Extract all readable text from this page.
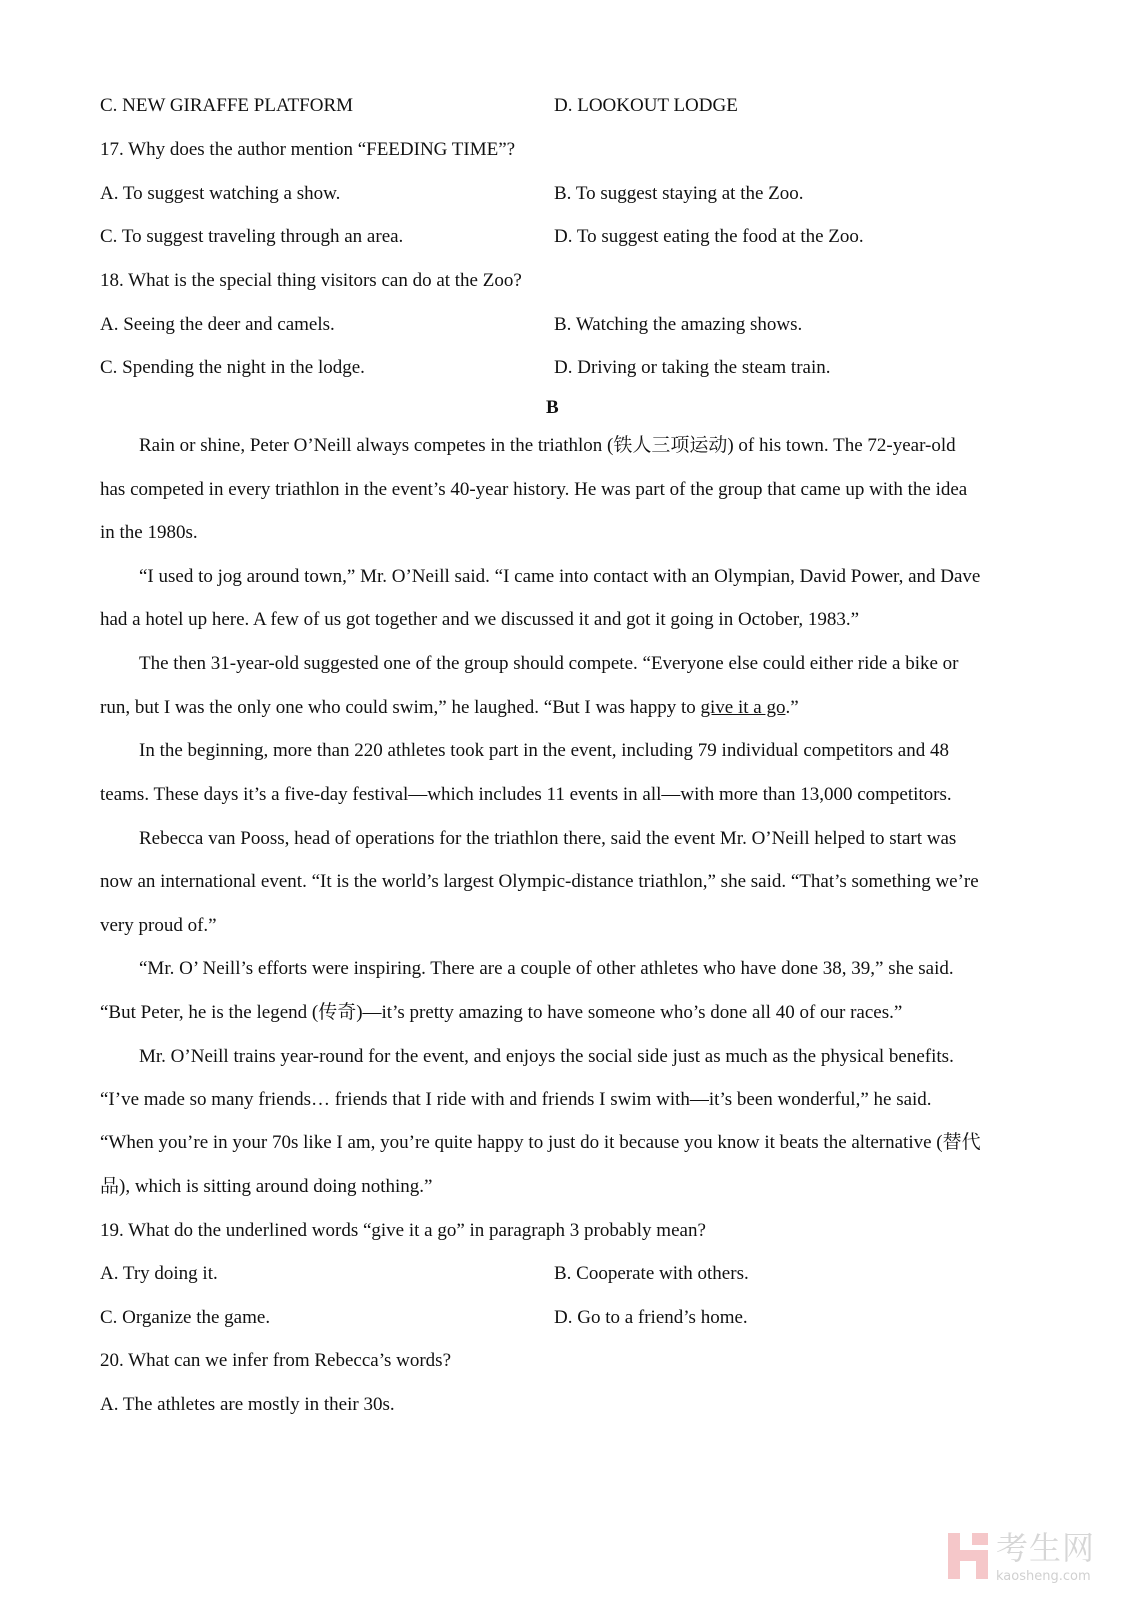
C. NEW GIRAFFE PLATFORM	D. LOOKOUT LODGE
17. Why does the author mention “FEEDING TIME”?
A. To suggest watching a show.	B. To suggest staying at the Zoo.
C. To suggest traveling through an area.	D. To suggest eating the food at the Zoo.
18. What is the special thing visitors can do at the Zoo?
A. Seeing the deer and camels.	B. Watching the amazing shows.
C. Spending the night in the lodge.	D. Driving or taking the steam train.
B
Rain or shine, Peter O’Neill always competes in the triathlon (铁人三项运动) of his town. The 72-year-old
has competed in every triathlon in the event’s 40-year history. He was part of the group that came up with the idea
in the 1980s.
“I used to jog around town,” Mr. O’Neill said. “I came into contact with an Olympian, David Power, and Dave
had a hotel up here. A few of us got together and we discussed it and got it going in October, 1983.”
The then 31-year-old suggested one of the group should compete. “Everyone else could either ride a bike or
run, but I was the only one who could swim,” he laughed. “But I was happy to give it a go.”
In the beginning, more than 220 athletes took part in the event, including 79 individual competitors and 48
teams. These days it’s a five-day festival—which includes 11 events in all—with more than 13,000 competitors.
Rebecca van Pooss, head of operations for the triathlon there, said the event Mr. O’Neill helped to start was
now an international event. “It is the world’s largest Olympic-distance triathlon,” she said. “That’s something we’re
very proud of.”
“Mr. O’ Neill’s efforts were inspiring. There are a couple of other athletes who have done 38, 39,” she said.
“But Peter, he is the legend (传奇)—it’s pretty amazing to have someone who’s done all 40 of our races.”
Mr. O’Neill trains year-round for the event, and enjoys the social side just as much as the physical benefits.
“I’ve made so many friends… friends that I ride with and friends I swim with—it’s been wonderful,” he said.
“When you’re in your 70s like I am, you’re quite happy to just do it because you know it beats the alternative (替代
品), which is sitting around doing nothing.”
19. What do the underlined words “give it a go” in paragraph 3 probably mean?
A. Try doing it.	B. Cooperate with others.
C. Organize the game.	D. Go to a friend’s home.
20. What can we infer from Rebecca’s words?
A. The athletes are mostly in their 30s.
考生网
kaosheng.com
